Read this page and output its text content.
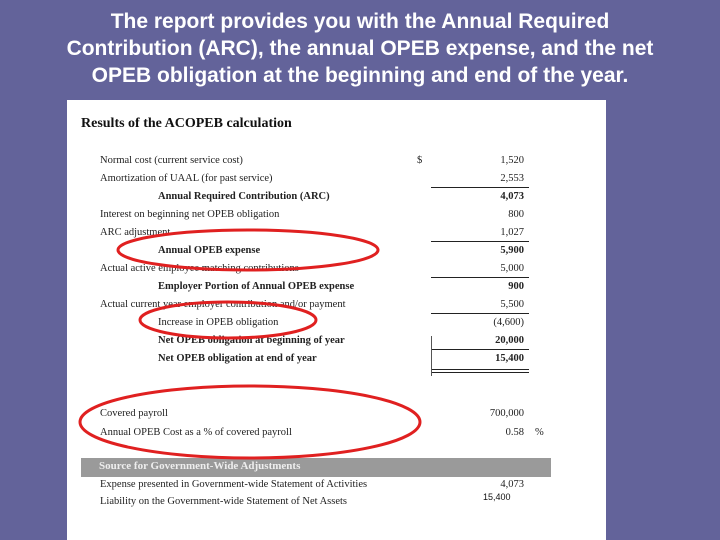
The report provides you with the Annual Required
Contribution (ARC), the annual OPEB expense, and the net
OPEB obligation at the beginning and end of the year.
Results of the ACOPEB calculation
Normal cost (current service cost)	$	1,520
Amortization of UAAL (for past service)	2,553
Annual Required Contribution (ARC)	4,073
Interest on beginning net OPEB obligation	800
ARC adjustment	1,027
Annual OPEB expense	5,900
Actual active employee matching contributions	5,000
Employer Portion of Annual OPEB expense	900
Actual current year employer contribution and/or payment	5,500
Increase in OPEB obligation	(4,600)
Net OPEB obligation at beginning of year	20,000
Net OPEB obligation at end of year	15,400
Covered payroll	700,000
Annual OPEB Cost as a % of covered payroll	0.58 %
Source for Government-Wide Adjustments
Expense presented in Government-wide Statement of Activities	4,073
Liability on the Government-wide Statement of Net Assets	15,400
